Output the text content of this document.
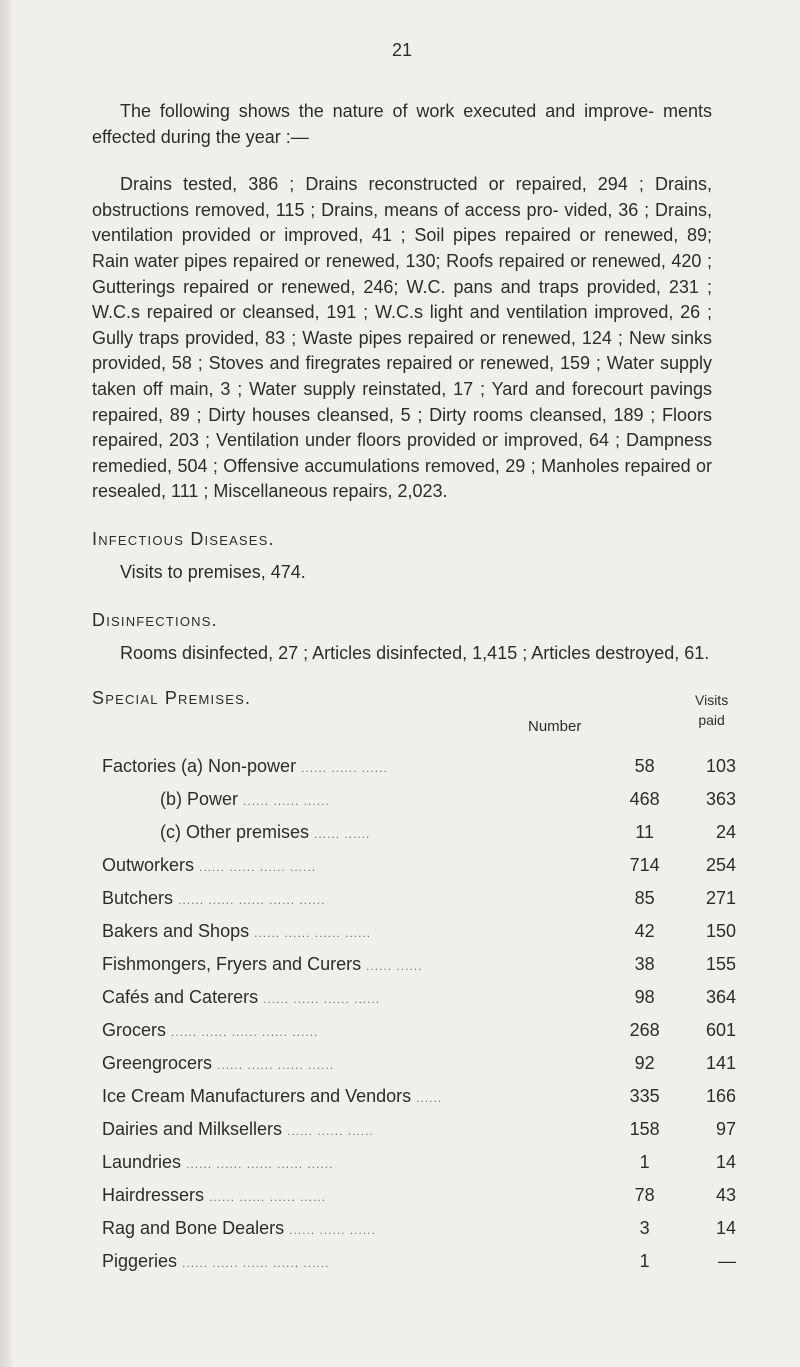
21

The following shows the nature of work executed and improve- ments effected during the year :—

Drains tested, 386 ; Drains reconstructed or repaired, 294 ; Drains, obstructions removed, 115 ; Drains, means of access pro- vided, 36 ; Drains, ventilation provided or improved, 41 ; Soil pipes repaired or renewed, 89; Rain water pipes repaired or renewed, 130; Roofs repaired or renewed, 420 ; Gutterings repaired or renewed, 246; W.C. pans and traps provided, 231 ; W.C.s repaired or cleansed, 191 ; W.C.s light and ventilation improved, 26 ; Gully traps provided, 83 ; Waste pipes repaired or renewed, 124 ; New sinks provided, 58 ; Stoves and firegrates repaired or renewed, 159 ; Water supply taken off main, 3 ; Water supply reinstated, 17 ; Yard and forecourt pavings repaired, 89 ; Dirty houses cleansed, 5 ; Dirty rooms cleansed, 189 ; Floors repaired, 203 ; Ventilation under floors provided or improved, 64 ; Dampness remedied, 504 ; Offensive accumulations removed, 29 ; Manholes repaired or resealed, 111 ; Miscellaneous repairs, 2,023.

Infectious Diseases.

Visits to premises, 474.

Disinfections.

Rooms disinfected, 27 ; Articles disinfected, 1,415 ; Articles destroyed, 61.

Special Premises.
Number
Visits
paid
Factories (a) Non-power ...... ...... ......	58	103
(b) Power ...... ...... ......	468	363
(c) Other premises ...... ......	11	24
Outworkers ...... ...... ...... ......	714	254
Butchers ...... ...... ...... ...... ......	85	271
Bakers and Shops ...... ...... ...... ......	42	150
Fishmongers, Fryers and Curers ...... ......	38	155
Cafés and Caterers ...... ...... ...... ......	98	364
Grocers ...... ...... ...... ...... ......	268	601
Greengrocers ...... ...... ...... ......	92	141
Ice Cream Manufacturers and Vendors ......	335	166
Dairies and Milksellers ...... ...... ......	158	97
Laundries ...... ...... ...... ...... ......	1	14
Hairdressers ...... ...... ...... ......	78	43
Rag and Bone Dealers ...... ...... ......	3	14
Piggeries ...... ...... ...... ...... ......	1	—
